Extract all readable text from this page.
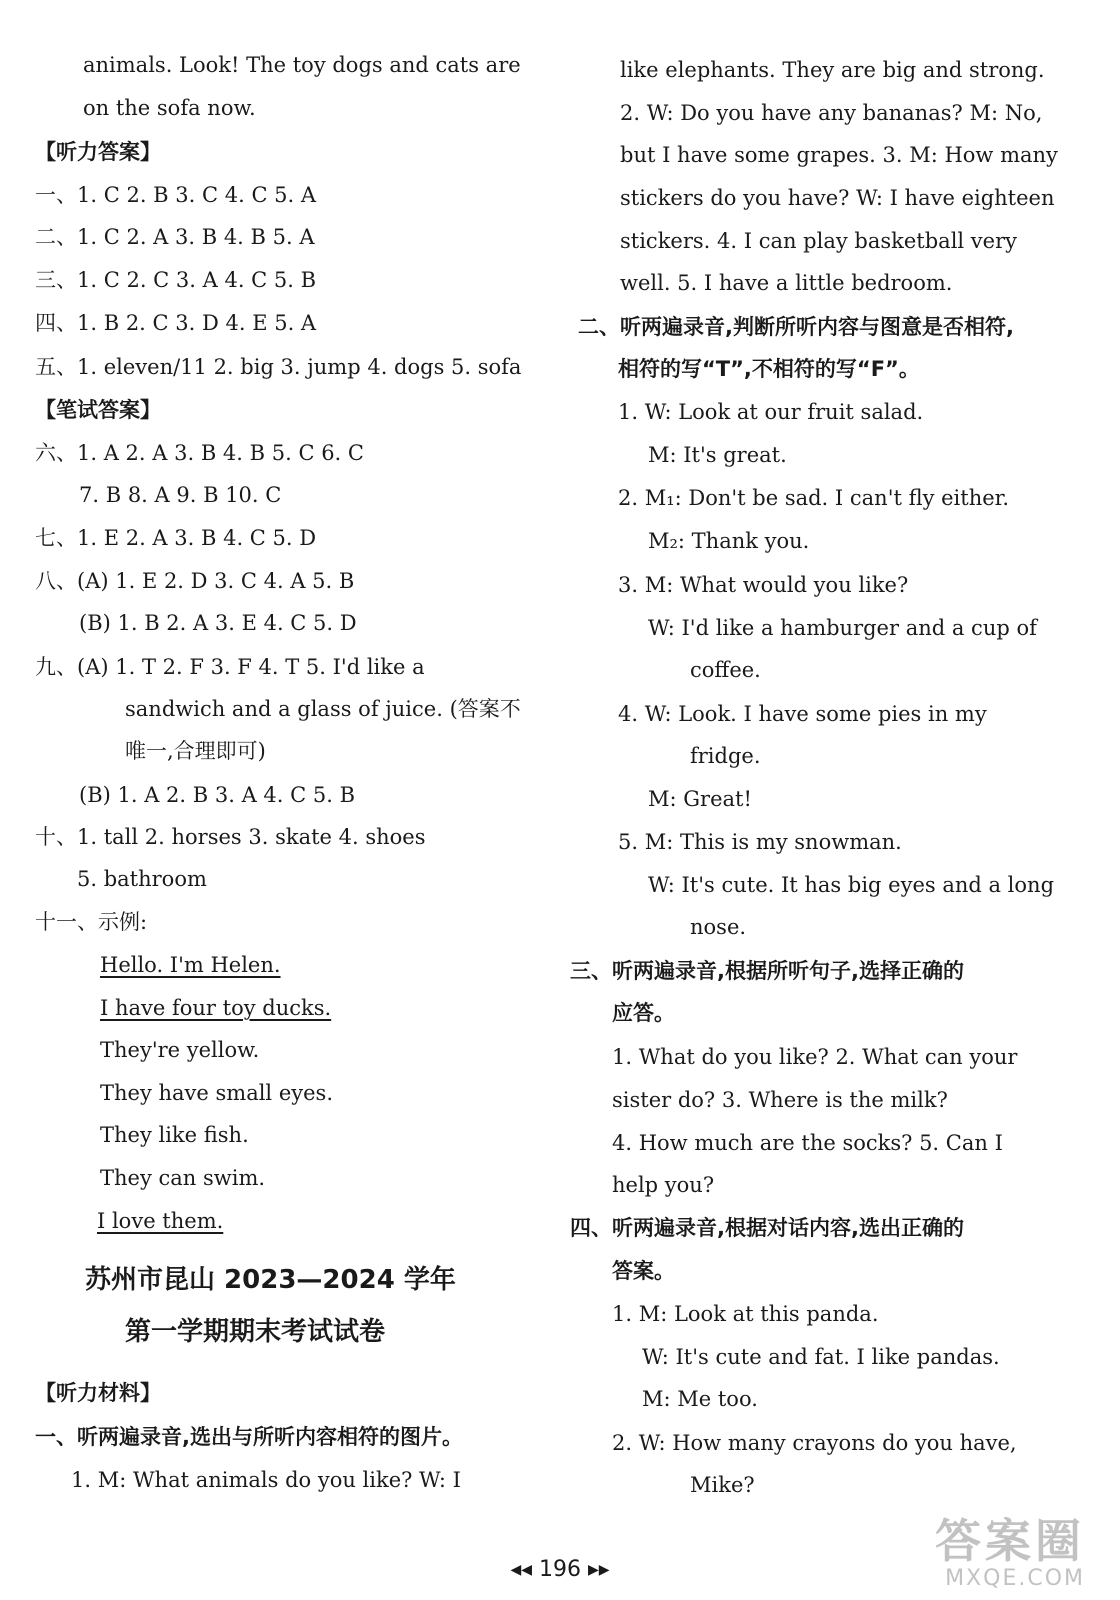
animals. Look! The toy dogs and cats are
on the sofa now.
【听力答案】
一、1. C 2. B 3. C 4. C 5. A
二、1. C 2. A 3. B 4. B 5. A
三、1. C 2. C 3. A 4. C 5. B
四、1. B 2. C 3. D 4. E 5. A
五、1. eleven/11 2. big 3. jump 4. dogs 5. sofa
【笔试答案】
六、1. A 2. A 3. B 4. B 5. C 6. C
7. B 8. A 9. B 10. C
七、1. E 2. A 3. B 4. C 5. D
八、(A) 1. E 2. D 3. C 4. A 5. B
(B) 1. B 2. A 3. E 4. C 5. D
九、(A) 1. T 2. F 3. F 4. T 5. I'd like a
sandwich and a glass of juice. (答案不
唯一,合理即可)
(B) 1. A 2. B 3. A 4. C 5. B
十、1. tall 2. horses 3. skate 4. shoes
5. bathroom
十一、示例:
Hello. I'm Helen.
I have four toy ducks.
They're yellow.
They have small eyes.
They like fish.
They can swim.
I love them.
苏州市昆山 2023—2024 学年
第一学期期末考试试卷
【听力材料】
一、听两遍录音,选出与所听内容相符的图片。
1. M: What animals do you like? W: I
like elephants. They are big and strong.
2. W: Do you have any bananas? M: No,
but I have some grapes. 3. M: How many
stickers do you have? W: I have eighteen
stickers. 4. I can play basketball very
well. 5. I have a little bedroom.
二、听两遍录音,判断所听内容与图意是否相符,
相符的写“T”,不相符的写“F”。
1. W: Look at our fruit salad.
M: It's great.
2. M₁: Don't be sad. I can't fly either.
M₂: Thank you.
3. M: What would you like?
W: I'd like a hamburger and a cup of
coffee.
4. W: Look. I have some pies in my
fridge.
M: Great!
5. M: This is my snowman.
W: It's cute. It has big eyes and a long
nose.
三、听两遍录音,根据所听句子,选择正确的
应答。
1. What do you like? 2. What can your
sister do? 3. Where is the milk?
4. How much are the socks? 5. Can I
help you?
四、听两遍录音,根据对话内容,选出正确的
答案。
1. M: Look at this panda.
W: It's cute and fat. I like pandas.
M: Me too.
2. W: How many crayons do you have,
Mike?
◀◀ 196 ▶▶
答案圈
MXQE.COM
